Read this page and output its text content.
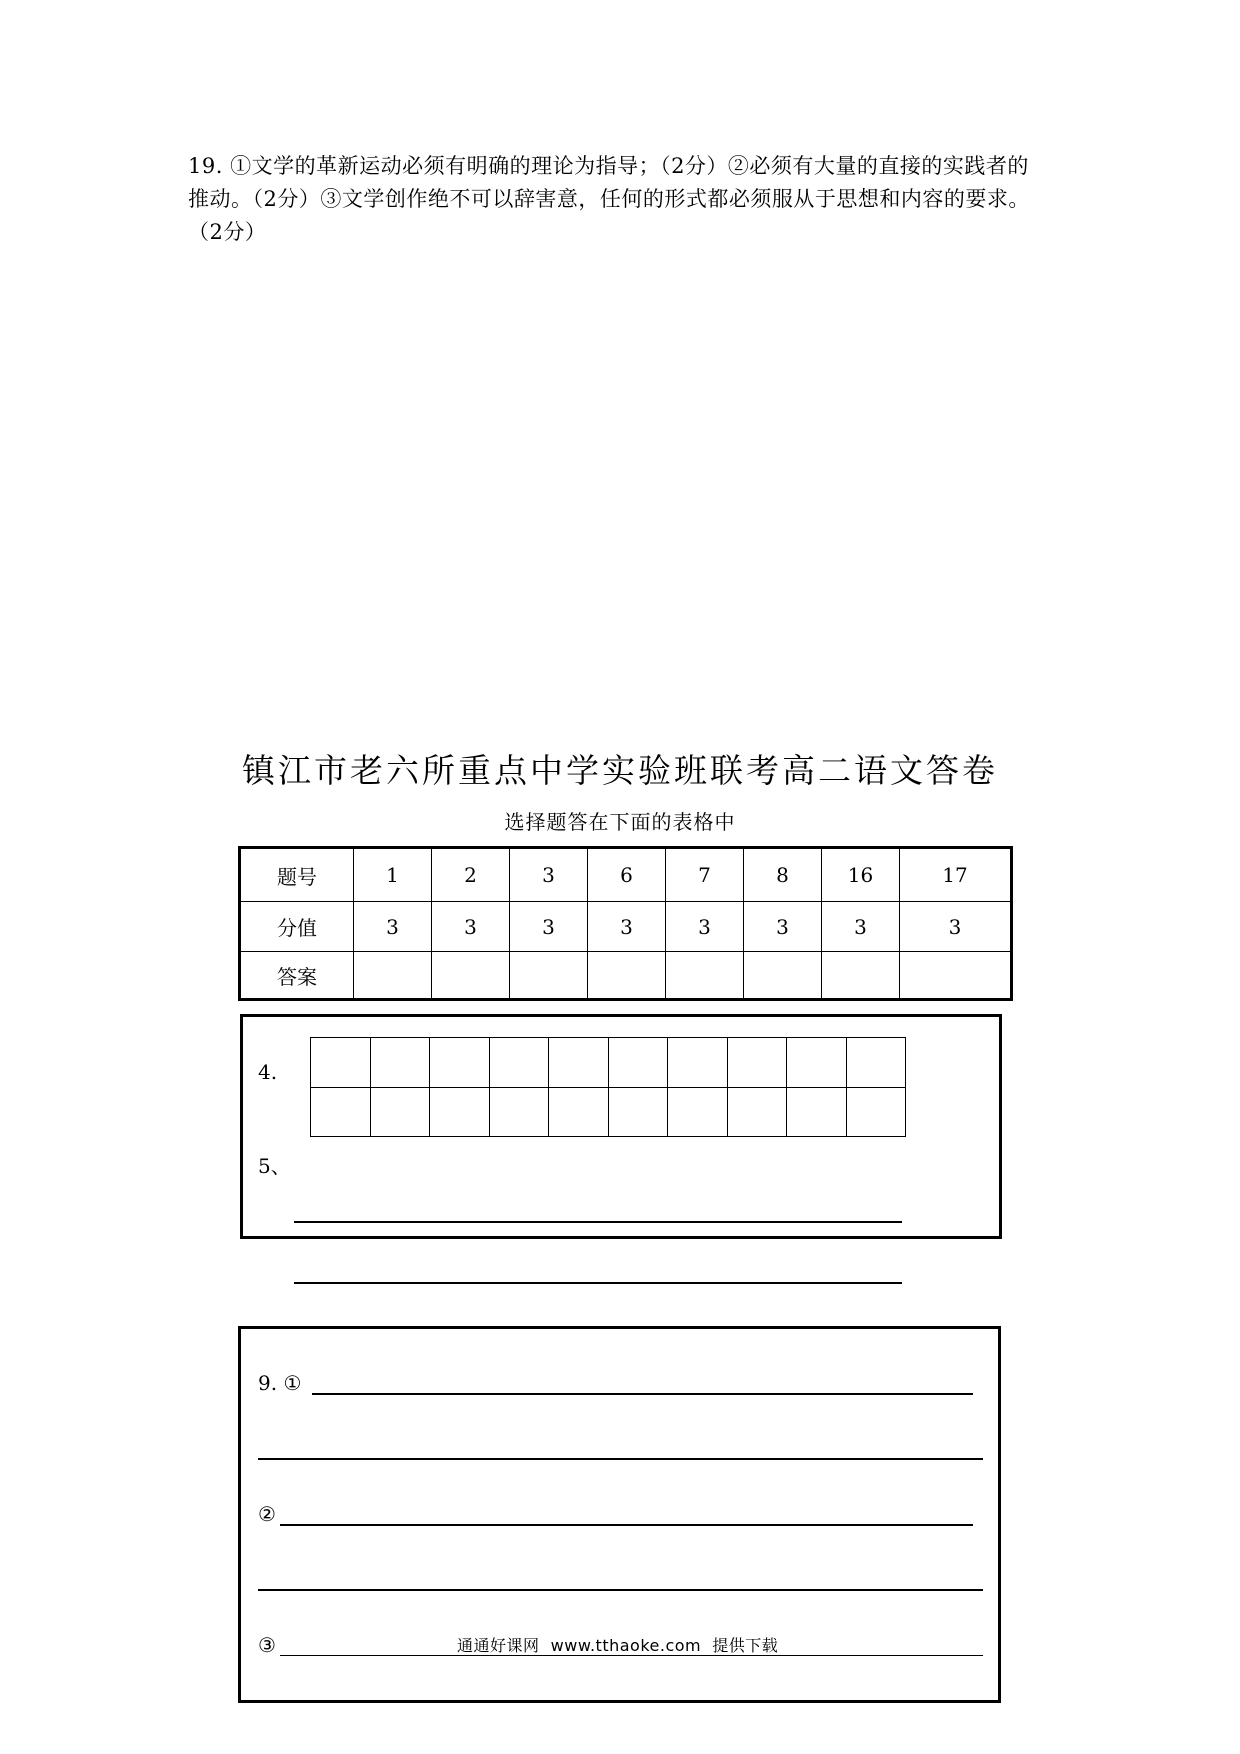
19. ①文学的革新运动必须有明确的理论为指导；（2分）②必须有大量的直接的实践者的
推动。（2分）③文学创作绝不可以辞害意，任何的形式都必须服从于思想和内容的要求。
（2分）
镇江市老六所重点中学实验班联考高二语文答卷
选择题答在下面的表格中
题号	1	2	3	6	7	8	16	17
分值	3	3	3	3	3	3	3	3
答案								
4.
5、
9. ①
②
③	通通好课网  www.tthaoke.com  提供下载
